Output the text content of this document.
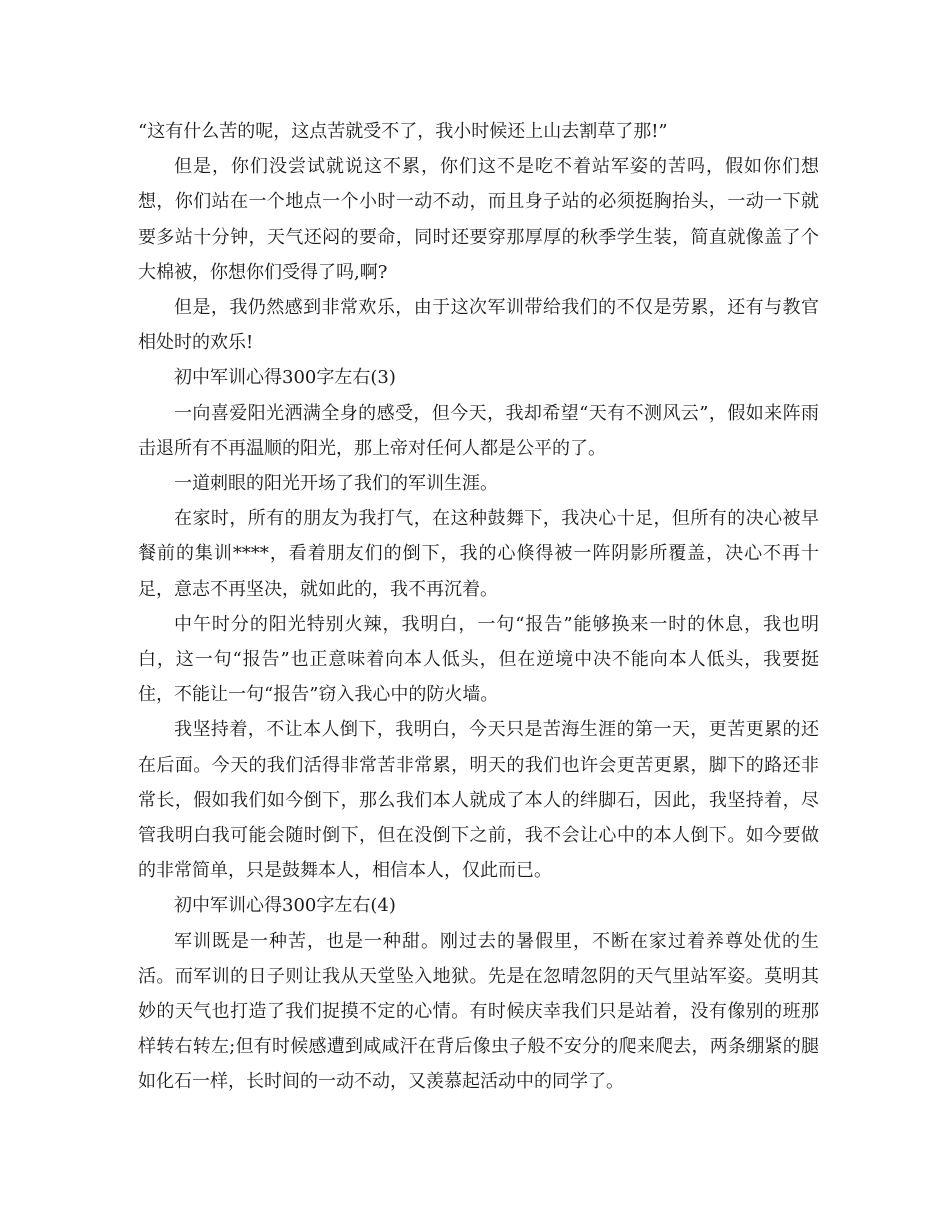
“这有什么苦的呢，这点苦就受不了，我小时候还上山去割草了那!”

但是，你们没尝试就说这不累，你们这不是吃不着站军姿的苦吗，假如你们想想，你们站在一个地点一个小时一动不动，而且身子站的必须挺胸抬头，一动一下就要多站十分钟，天气还闷的要命，同时还要穿那厚厚的秋季学生装，简直就像盖了个大棉被，你想你们受得了吗,啊?

但是，我仍然感到非常欢乐，由于这次军训带给我们的不仅是劳累，还有与教官相处时的欢乐!

初中军训心得300字左右(3)

一向喜爱阳光洒满全身的感受，但今天，我却希望“天有不测风云”，假如来阵雨击退所有不再温顺的阳光，那上帝对任何人都是公平的了。

一道刺眼的阳光开场了我们的军训生涯。

在家时，所有的朋友为我打气，在这种鼓舞下，我决心十足，但所有的决心被早餐前的集训****，看着朋友们的倒下，我的心倏得被一阵阴影所覆盖，决心不再十足，意志不再坚决，就如此的，我不再沉着。

中午时分的阳光特别火辣，我明白，一句“报告”能够换来一时的休息，我也明白，这一句“报告”也正意味着向本人低头，但在逆境中决不能向本人低头，我要挺住，不能让一句“报告”窃入我心中的防火墙。

我坚持着，不让本人倒下，我明白，今天只是苦海生涯的第一天，更苦更累的还在后面。今天的我们活得非常苦非常累，明天的我们也许会更苦更累，脚下的路还非常长，假如我们如今倒下，那么我们本人就成了本人的绊脚石，因此，我坚持着，尽管我明白我可能会随时倒下，但在没倒下之前，我不会让心中的本人倒下。如今要做的非常简单，只是鼓舞本人，相信本人，仅此而已。

初中军训心得300字左右(4)

军训既是一种苦，也是一种甜。刚过去的暑假里，不断在家过着养尊处优的生活。而军训的日子则让我从天堂坠入地狱。先是在忽晴忽阴的天气里站军姿。莫明其妙的天气也打造了我们捉摸不定的心情。有时候庆幸我们只是站着，没有像别的班那样转右转左;但有时候感遭到咸咸汗在背后像虫子般不安分的爬来爬去，两条绷紧的腿如化石一样，长时间的一动不动，又羡慕起活动中的同学了。
